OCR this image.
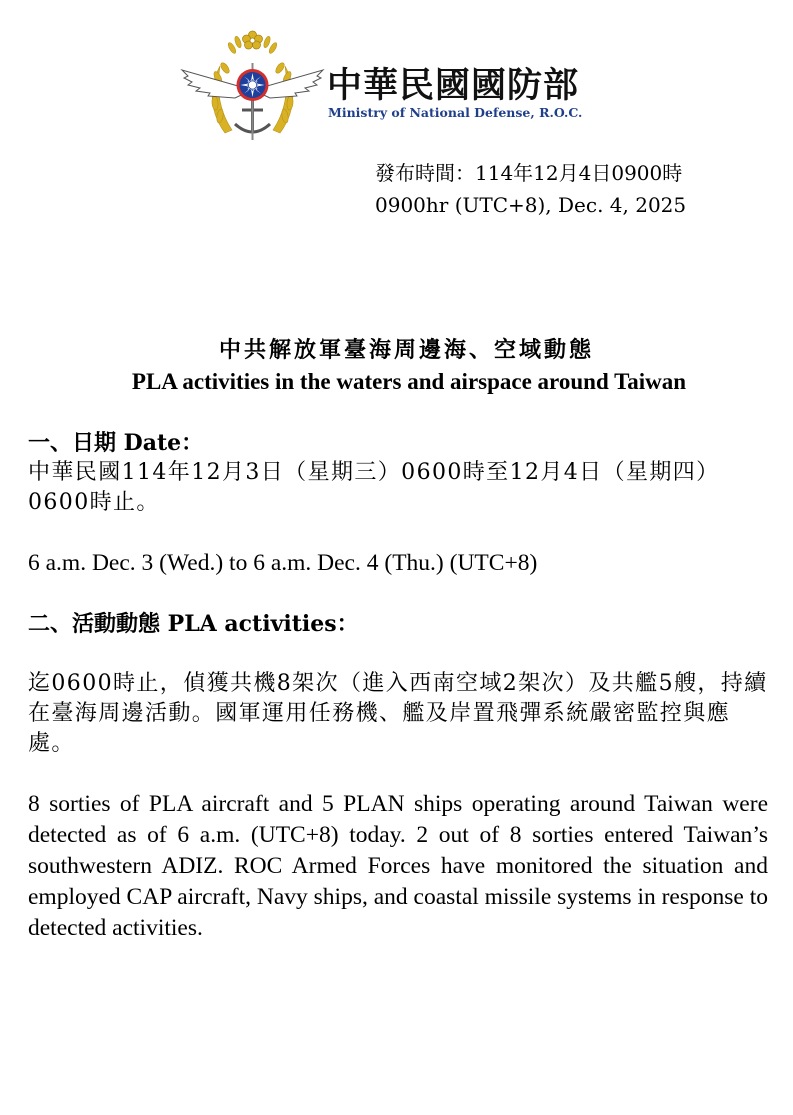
中華民國國防部
Ministry of National Defense, R.O.C.
發布時間：114年12月4日0900時
0900hr (UTC+8), Dec. 4, 2025
中共解放軍臺海周邊海、空域動態
PLA activities in the waters and airspace around Taiwan
一、日期 Date：
中華民國114年12月3日（星期三）0600時至12月4日（星期四）0600時止。
6 a.m. Dec. 3 (Wed.) to 6 a.m. Dec. 4 (Thu.) (UTC+8)
二、活動動態 PLA activities：
迄0600時止，偵獲共機8架次（進入西南空域2架次）及共艦5艘，持續在臺海周邊活動。國軍運用任務機、艦及岸置飛彈系統嚴密監控與應處。
8 sorties of PLA aircraft and 5 PLAN ships operating around Taiwan were detected as of 6 a.m. (UTC+8) today. 2 out of 8 sorties entered Taiwan’s southwestern ADIZ. ROC Armed Forces have monitored the situation and employed CAP aircraft, Navy ships, and coastal missile systems in response to detected activities.
